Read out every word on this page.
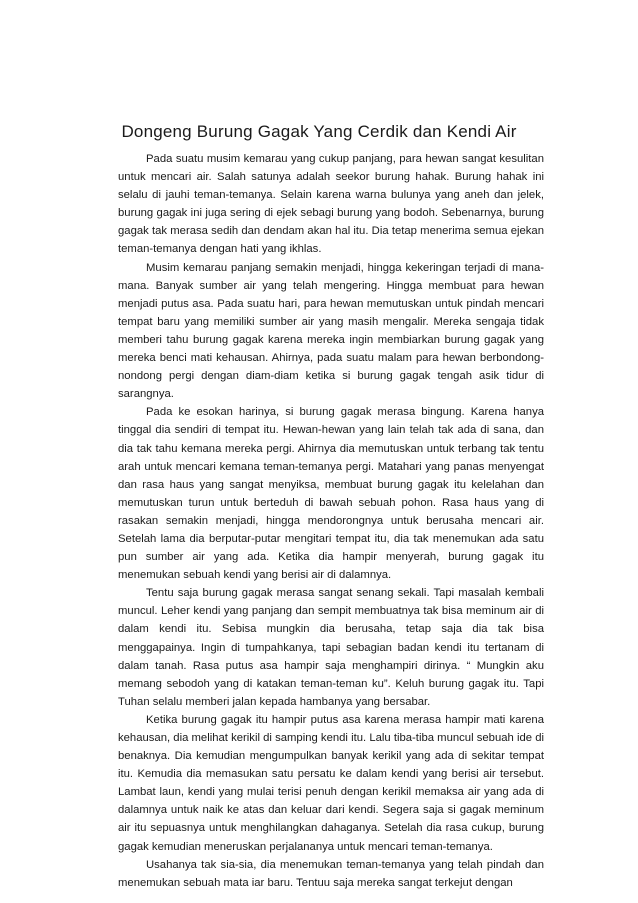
Dongeng Burung Gagak Yang Cerdik dan Kendi Air

Pada suatu musim kemarau yang cukup panjang, para hewan sangat kesulitan untuk mencari air. Salah satunya adalah seekor burung hahak. Burung hahak ini selalu di jauhi teman-temanya. Selain karena warna bulunya yang aneh dan jelek, burung gagak ini juga sering di ejek sebagi burung yang bodoh. Sebenarnya, burung gagak tak merasa sedih dan dendam akan hal itu. Dia tetap menerima semua ejekan teman-temanya dengan hati yang ikhlas.

Musim kemarau panjang semakin menjadi, hingga kekeringan terjadi di mana-mana. Banyak sumber air yang telah mengering. Hingga membuat para hewan menjadi putus asa. Pada suatu hari, para hewan memutuskan untuk pindah mencari tempat baru yang memiliki sumber air yang masih mengalir. Mereka sengaja tidak memberi tahu burung gagak karena mereka ingin membiarkan burung gagak yang mereka benci mati kehausan. Ahirnya, pada suatu malam para hewan berbondong-nondong pergi dengan diam-diam ketika si burung gagak tengah asik tidur di sarangnya.

Pada ke esokan harinya, si burung gagak merasa bingung. Karena hanya tinggal dia sendiri di tempat itu. Hewan-hewan yang lain telah tak ada di sana, dan dia tak tahu kemana mereka pergi. Ahirnya dia memutuskan untuk terbang tak tentu arah untuk mencari kemana teman-temanya pergi. Matahari yang panas menyengat dan rasa haus yang sangat menyiksa, membuat burung gagak itu kelelahan dan memutuskan turun untuk berteduh di bawah sebuah pohon. Rasa haus yang di rasakan semakin menjadi, hingga mendorongnya untuk berusaha mencari air. Setelah lama dia berputar-putar mengitari tempat itu, dia tak menemukan ada satu pun sumber air yang ada. Ketika dia hampir menyerah, burung gagak itu menemukan sebuah kendi yang berisi air di dalamnya.

Tentu saja burung gagak merasa sangat senang sekali. Tapi masalah kembali muncul. Leher kendi yang panjang dan sempit membuatnya tak bisa meminum air di dalam kendi itu. Sebisa mungkin dia berusaha, tetap saja dia tak bisa menggapainya. Ingin di tumpahkanya, tapi sebagian badan kendi itu tertanam di dalam tanah. Rasa putus asa hampir saja menghampiri dirinya. “ Mungkin aku memang sebodoh yang di katakan teman-teman ku”. Keluh burung gagak itu. Tapi Tuhan selalu memberi jalan kepada hambanya yang bersabar.

Ketika burung gagak itu hampir putus asa karena merasa hampir mati karena kehausan, dia melihat kerikil di samping kendi itu. Lalu tiba-tiba muncul sebuah ide di benaknya. Dia kemudian mengumpulkan banyak kerikil yang ada di sekitar tempat itu. Kemudia dia memasukan satu persatu ke dalam kendi yang berisi air tersebut. Lambat laun, kendi yang mulai terisi penuh dengan kerikil memaksa air yang ada di dalamnya untuk naik ke atas dan keluar dari kendi. Segera saja si gagak meminum air itu sepuasnya untuk menghilangkan dahaganya. Setelah dia rasa cukup, burung gagak kemudian meneruskan perjalananya untuk mencari teman-temanya.

Usahanya tak sia-sia, dia menemukan teman-temanya yang telah pindah dan menemukan sebuah mata iar baru. Tentuu saja mereka sangat terkejut dengan
